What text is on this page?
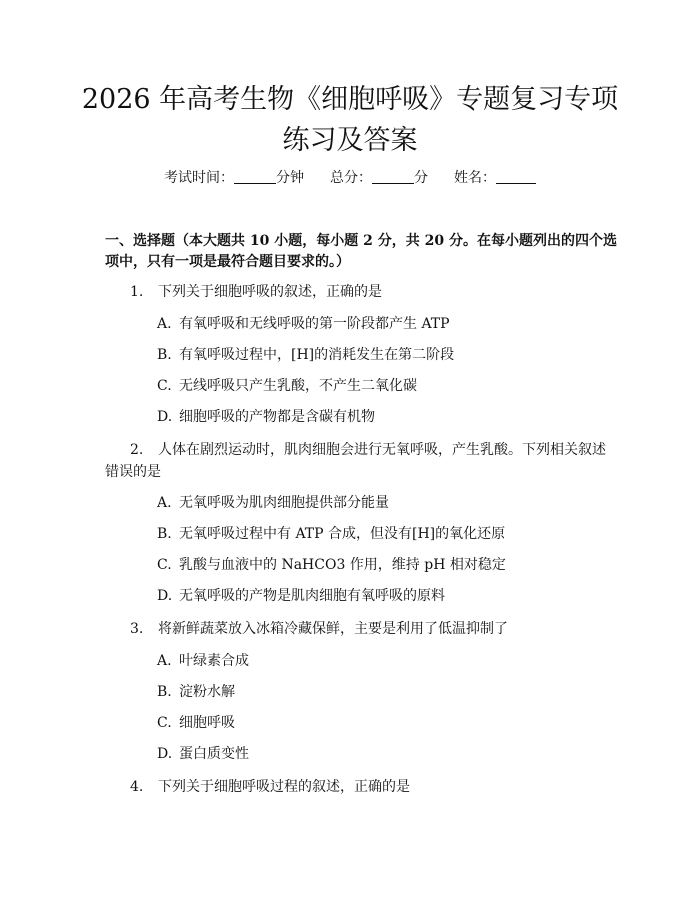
2026 年高考生物《细胞呼吸》专题复习专项
练习及答案
考试时间：	分钟 总分：	分 姓名：
一、选择题（本大题共 10 小题，每小题 2 分，共 20 分。在每小题列出的四个选
项中，只有一项是最符合题目要求的。）
1. 下列关于细胞呼吸的叙述，正确的是
A. 有氧呼吸和无线呼吸的第一阶段都产生 ATP
B. 有氧呼吸过程中，[H]的消耗发生在第二阶段
C. 无线呼吸只产生乳酸，不产生二氧化碳
D. 细胞呼吸的产物都是含碳有机物
2. 人体在剧烈运动时，肌肉细胞会进行无氧呼吸，产生乳酸。下列相关叙述
错误的是
A. 无氧呼吸为肌肉细胞提供部分能量
B. 无氧呼吸过程中有 ATP 合成，但没有[H]的氧化还原
C. 乳酸与血液中的 NaHCO3 作用，维持 pH 相对稳定
D. 无氧呼吸的产物是肌肉细胞有氧呼吸的原料
3. 将新鲜蔬菜放入冰箱冷藏保鲜，主要是利用了低温抑制了
A. 叶绿素合成
B. 淀粉水解
C. 细胞呼吸
D. 蛋白质变性
4. 下列关于细胞呼吸过程的叙述，正确的是
